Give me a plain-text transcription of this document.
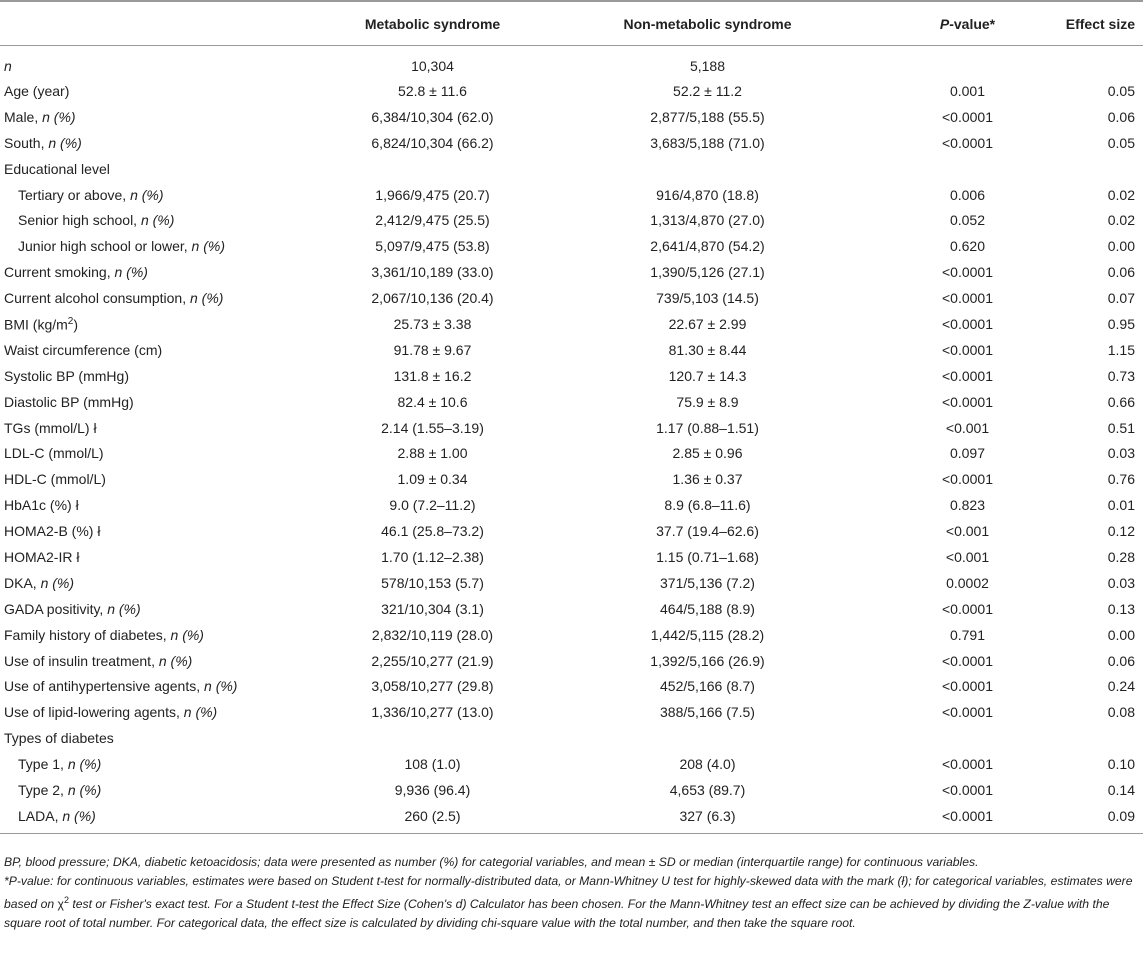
	Metabolic syndrome	Non-metabolic syndrome	P-value*	Effect size
n	10,304	5,188		
Age (year)	52.8 ± 11.6	52.2 ± 11.2	0.001	0.05
Male, n (%)	6,384/10,304 (62.0)	2,877/5,188 (55.5)	<0.0001	0.06
South, n (%)	6,824/10,304 (66.2)	3,683/5,188 (71.0)	<0.0001	0.05
Educational level				
Tertiary or above, n (%)	1,966/9,475 (20.7)	916/4,870 (18.8)	0.006	0.02
Senior high school, n (%)	2,412/9,475 (25.5)	1,313/4,870 (27.0)	0.052	0.02
Junior high school or lower, n (%)	5,097/9,475 (53.8)	2,641/4,870 (54.2)	0.620	0.00
Current smoking, n (%)	3,361/10,189 (33.0)	1,390/5,126 (27.1)	<0.0001	0.06
Current alcohol consumption, n (%)	2,067/10,136 (20.4)	739/5,103 (14.5)	<0.0001	0.07
BMI $(kg/m^2)$	25.73 ± 3.38	22.67 ± 2.99	<0.0001	0.95
Waist circumference (cm)	91.78 ± 9.67	81.30 ± 8.44	<0.0001	1.15
Systolic BP (mmHg)	131.8 ± 16.2	120.7 ± 14.3	<0.0001	0.73
Diastolic BP (mmHg)	82.4 ± 10.6	75.9 ± 8.9	<0.0001	0.66
TGs (mmol/L) ł	2.14 (1.55–3.19)	1.17 (0.88–1.51)	<0.001	0.51
LDL-C (mmol/L)	2.88 ± 1.00	2.85 ± 0.96	0.097	0.03
HDL-C (mmol/L)	1.09 ± 0.34	1.36 ± 0.37	<0.0001	0.76
HbA1c (%) ł	9.0 (7.2–11.2)	8.9 (6.8–11.6)	0.823	0.01
HOMA2-B (%) ł	46.1 (25.8–73.2)	37.7 (19.4–62.6)	<0.001	0.12
HOMA2-IR ł	1.70 (1.12–2.38)	1.15 (0.71–1.68)	<0.001	0.28
DKA, n (%)	578/10,153 (5.7)	371/5,136 (7.2)	0.0002	0.03
GADA positivity, n (%)	321/10,304 (3.1)	464/5,188 (8.9)	<0.0001	0.13
Family history of diabetes, n (%)	2,832/10,119 (28.0)	1,442/5,115 (28.2)	0.791	0.00
Use of insulin treatment, n (%)	2,255/10,277 (21.9)	1,392/5,166 (26.9)	<0.0001	0.06
Use of antihypertensive agents, n (%)	3,058/10,277 (29.8)	452/5,166 (8.7)	<0.0001	0.24
Use of lipid-lowering agents, n (%)	1,336/10,277 (13.0)	388/5,166 (7.5)	<0.0001	0.08
Types of diabetes				
Type 1, n (%)	108 (1.0)	208 (4.0)	<0.0001	0.10
Type 2, n (%)	9,936 (96.4)	4,653 (89.7)	<0.0001	0.14
LADA, n (%)	260 (2.5)	327 (6.3)	<0.0001	0.09

BP, blood pressure; DKA, diabetic ketoacidosis; data were presented as number (%) for categorial variables, and mean ± SD or median (interquartile range) for continuous variables.

*P-value: for continuous variables, estimates were based on Student t-test for normally-distributed data, or Mann-Whitney U test for highly-skewed data with the mark (ł); for categorical variables, estimates were based on $\chi^2$ test or Fisher's exact test. For a Student t-test the Effect Size (Cohen's d) Calculator has been chosen. For the Mann-Whitney test an effect size can be achieved by dividing the Z-value with the square root of total number. For categorical data, the effect size is calculated by dividing chi-square value with the total number, and then take the square root.
